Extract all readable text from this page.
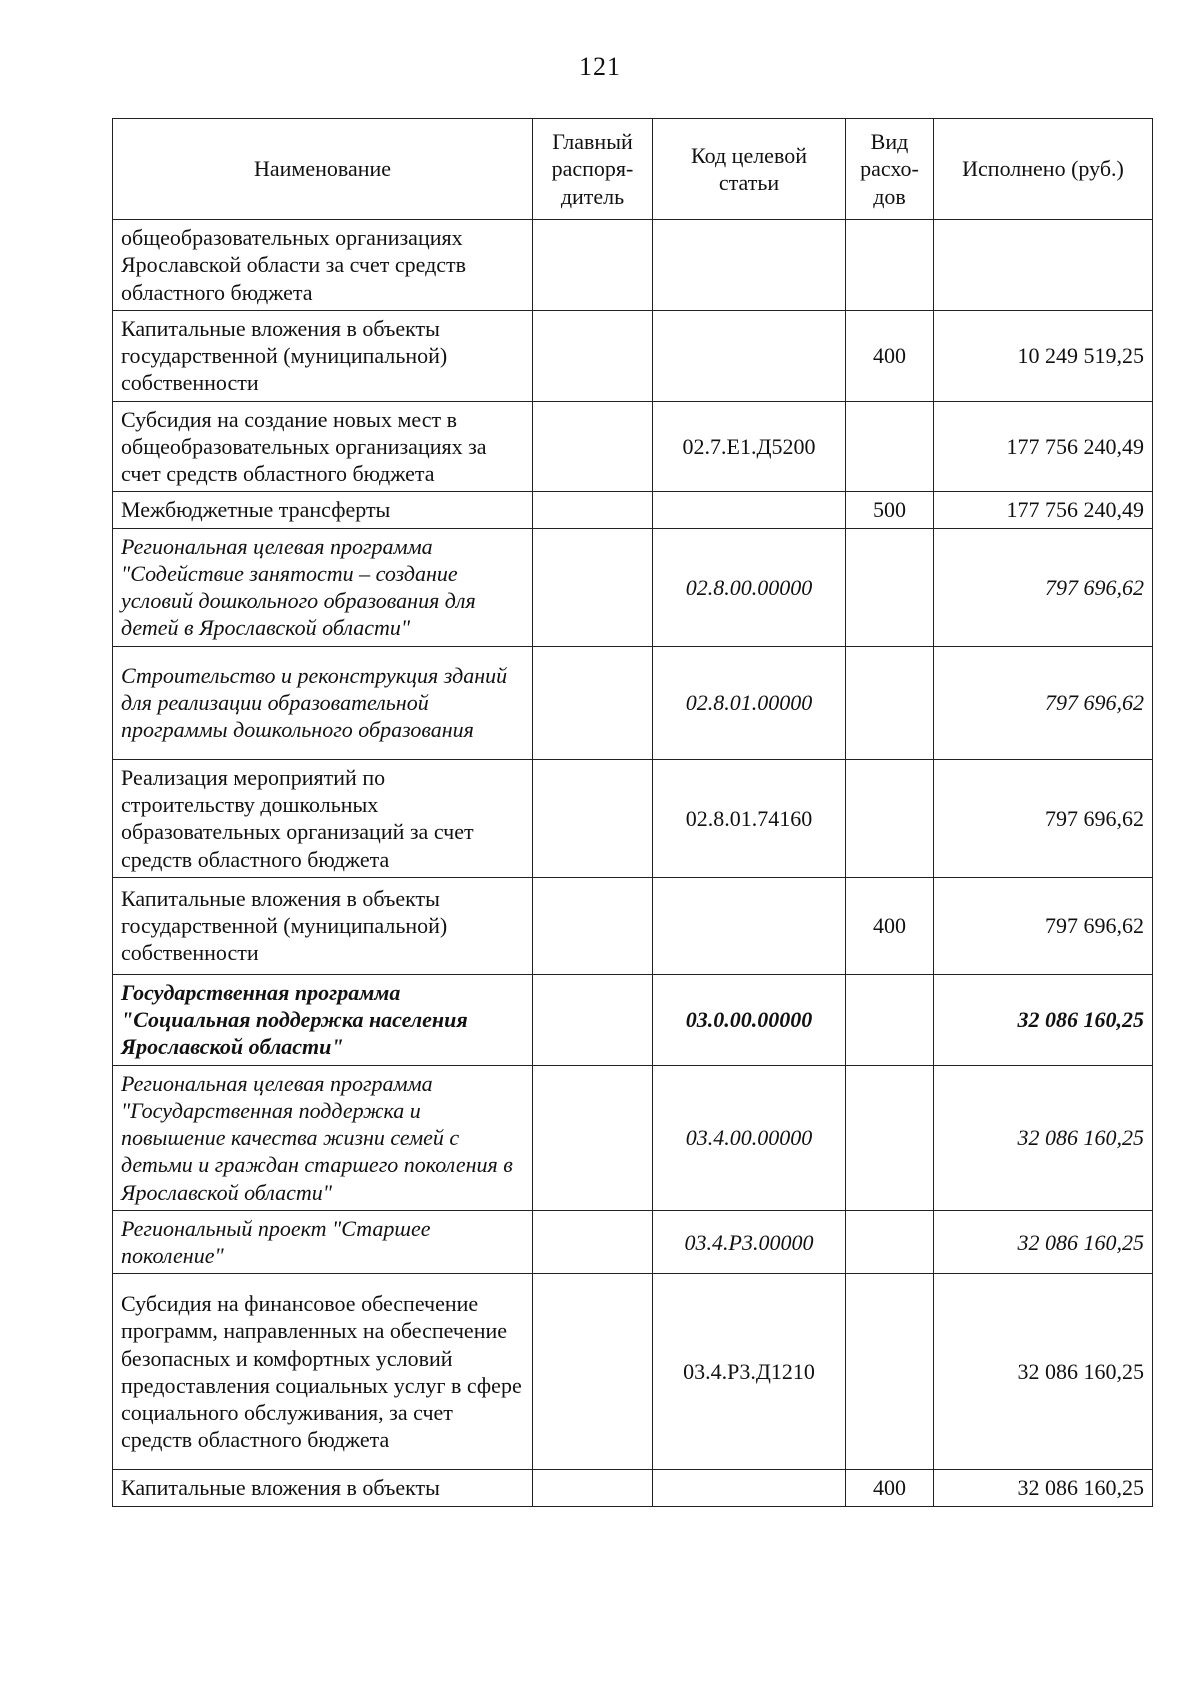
121
Наименование	Главный распоря-дитель	Код целевой статьи	Вид расхо-дов	Исполнено (руб.)
общеобразовательных организациях Ярославской области за счет средств областного бюджета				
Капитальные вложения в объекты государственной (муниципальной) собственности			400	10 249 519,25
Субсидия на создание новых мест в общеобразовательных организациях за счет средств областного бюджета		02.7.Е1.Д5200		177 756 240,49
Межбюджетные трансферты			500	177 756 240,49
Региональная целевая программа "Содействие занятости – создание условий дошкольного образования для детей в Ярославской области"		02.8.00.00000		797 696,62
Строительство и реконструкция зданий для реализации образовательной программы дошкольного образования		02.8.01.00000		797 696,62
Реализация мероприятий по строительству дошкольных образовательных организаций за счет средств областного бюджета		02.8.01.74160		797 696,62
Капитальные вложения в объекты государственной (муниципальной) собственности			400	797 696,62
Государственная программа "Социальная поддержка населения Ярославской области"		03.0.00.00000		32 086 160,25
Региональная целевая программа "Государственная поддержка и повышение качества жизни семей с детьми и граждан старшего поколения в Ярославской области"		03.4.00.00000		32 086 160,25
Региональный проект "Старшее поколение"		03.4.Р3.00000		32 086 160,25
Субсидия на финансовое обеспечение программ, направленных на обеспечение безопасных и комфортных условий предоставления социальных услуг в сфере социального обслуживания, за счет средств областного бюджета		03.4.Р3.Д1210		32 086 160,25
Капитальные вложения в объекты			400	32 086 160,25
